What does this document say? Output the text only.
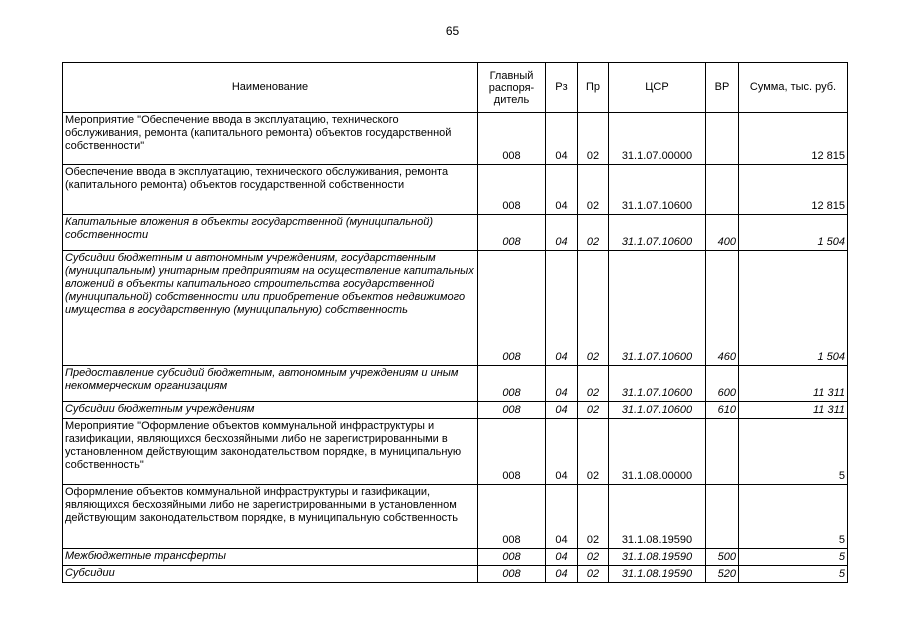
65
Наименование	Главный распоря-дитель	Рз	Пр	ЦСР	ВР	Сумма, тыс. руб.
Мероприятие "Обеспечение ввода в эксплуатацию, технического обслуживания, ремонта (капитального ремонта) объектов государственной собственности"	008	04	02	31.1.07.00000		12 815
Обеспечение ввода в эксплуатацию, технического обслуживания, ремонта (капитального ремонта) объектов государственной собственности	008	04	02	31.1.07.10600		12 815
Капитальные вложения в объекты государственной (муниципальной) собственности	008	04	02	31.1.07.10600	400	1 504
Субсидии бюджетным и автономным учреждениям, государственным (муниципальным) унитарным предприятиям на осуществление капитальных вложений в объекты капитального строительства государственной (муниципальной) собственности или приобретение объектов недвижимого имущества в государственную (муниципальную) собственность	008	04	02	31.1.07.10600	460	1 504
Предоставление субсидий бюджетным, автономным учреждениям и иным некоммерческим организациям	008	04	02	31.1.07.10600	600	11 311
Субсидии бюджетным учреждениям	008	04	02	31.1.07.10600	610	11 311
Мероприятие "Оформление объектов коммунальной инфраструктуры и газификации, являющихся бесхозяйными либо не зарегистрированными в установленном действующим законодательством порядке, в муниципальную собственность"	008	04	02	31.1.08.00000		5
Оформление объектов коммунальной инфраструктуры и газификации, являющихся бесхозяйными либо не зарегистрированными в установленном действующим законодательством порядке, в муниципальную собственность	008	04	02	31.1.08.19590		5
Межбюджетные трансферты	008	04	02	31.1.08.19590	500	5
Субсидии	008	04	02	31.1.08.19590	520	5
